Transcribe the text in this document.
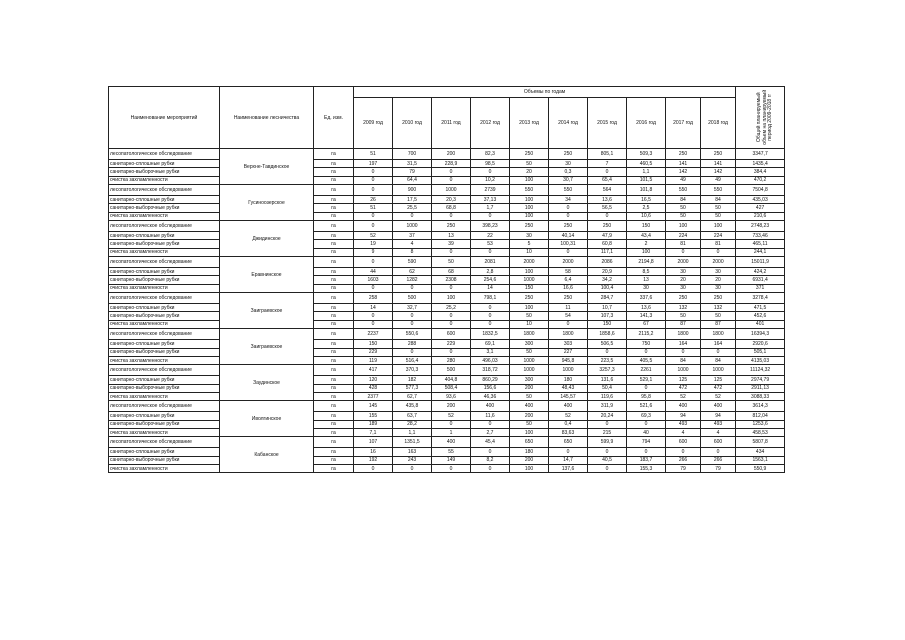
Наименование мероприятий	Наименование лесничества	Ед. изм.	Объемы по годам										Общий планируемый объем на планируемый период 2009-2018 гг
			2009 год	2010 год	2011 год	2012 год	2013 год	2014 год	2015 год	2016 год	2017 год	2018 год	
лесопатологическое обследование	Верхне-Тавдинское	га	51	700	200	82,3	250	250	805,1	509,3	250	250	3347,7
санитарно-сплошные рубки		га	197	31,5	228,9	98,5	50	30	7	460,5	141	141	1435,4
санитарно-выборочные рубки		га	0	79	0	0	20	0,3	0	1,1	142	142	384,4
очистка захламленности		га	0	64,4	0	10,2	100	30,7	65,4	101,5	49	49	470,2
лесопатологическое обследование	Гусиноозерское	га	0	900	1000	2739	550	550	564	101,8	550	550	7504,8
санитарно-сплошные рубки		га	26	17,5	20,3	37,13	100	34	13,6	16,5	84	84	435,03
санитарно-выборочные рубки		га	51	25,5	68,8	1,7	100	0	56,5	2,5	50	50	427
очистка захламленности		га	0	0	0	0	100	0	0	10,6	50	50	210,6
лесопатологическое обследование	Джидинское	га	0	1000	250	398,23	250	250	250	150	100	100	2748,23
санитарно-сплошные рубки		га	52	37	13	22	30	40,14	47,9	43,4	224	224	733,46
санитарно-выборочные рубки		га	19	4	39	53	5	100,31	60,8	2	81	81	465,11
очистка захламленности		га	9	8	0	0	10	0	117,1	100	0	0	244,1
лесопатологическое обследование	Еравнинское	га	0	590	50	2081	2000	2000	2086	2194,8	2000	2000	15011,9
санитарно-сплошные рубки		га	44	62	68	2,8	100	58	20,9	8,5	30	30	424,2
санитарно-выборочные рубки		га	1603	1282	2308	254,6	1000	6,4	34,2	13	20	20	6931,4
очистка захламленности		га	0	0	0	14	150	16,6	100,4	30	30	30	371
лесопатологическое обследование	Заиграевское	га	258	500	100	798,1	250	250	284,7	337,6	250	250	3278,4
санитарно-сплошные рубки		га	14	32,7	25,2	0	100	11	10,7	13,6	132	132	471,5
санитарно-выборочные рубки		га	0	0	0	0	50	54	107,3	141,3	50	50	452,6
очистка захламленности		га	0	0	0	0	10	0	150	67	87	87	401
лесопатологическое обследование	Заиграевское	га	2237	550,6	600	1832,5	1800	1800	1858,6	2115,2	1800	1800	16394,3
санитарно-сплошные рубки		га	150	288	229	69,1	300	303	506,5	750	164	164	2920,6
санитарно-выборочные рубки		га	229	0	0	3,1	50	227	0	0	0	0	505,1
очистка захламленности		га	119	516,4	280	496,03	1000	945,8	223,5	405,5	84	84	4135,03
лесопатологическое обследование	Заудинское	га	417	370,3	500	318,72	1000	1000	3257,3	2261	1000	1000	11124,32
санитарно-сплошные рубки		га	120	182	404,8	860,29	300	180	131,6	529,1	125	125	2974,79
санитарно-выборочные рубки		га	428	577,3	508,4	156,6	200	48,43	50,4	0	472	472	2911,13
очистка захламленности		га	2377	62,7	93,6	46,36	50	145,57	119,6	95,8	52	52	3088,33
лесопатологическое обследование	Иволгинское	га	145	435,8	200	400	400	400	311,9	521,6	400	400	3614,3
санитарно-сплошные рубки		га	155	63,7	52	11,6	200	52	20,24	69,3	94	94	812,04
санитарно-выборочные рубки		га	189	28,2	0	0	50	0,4	0	0	493	493	1253,6
очистка захламленности		га	7,1	1,1	1	2,7	100	83,63	215	40	4	4	458,53
лесопатологическое обследование	Кабанское	га	107	1351,5	400	45,4	650	650	599,9	794	600	600	5807,8
санитарно-сплошные рубки		га	16	163	55	0	180	0	0	0	0	0	434
санитарно-выборочные рубки		га	192	243	149	8,2	200	14,7	40,5	183,7	266	266	1563,1
очистка захламленности		га	0	0	0	0	100	137,6	0	155,3	79	79	550,9
